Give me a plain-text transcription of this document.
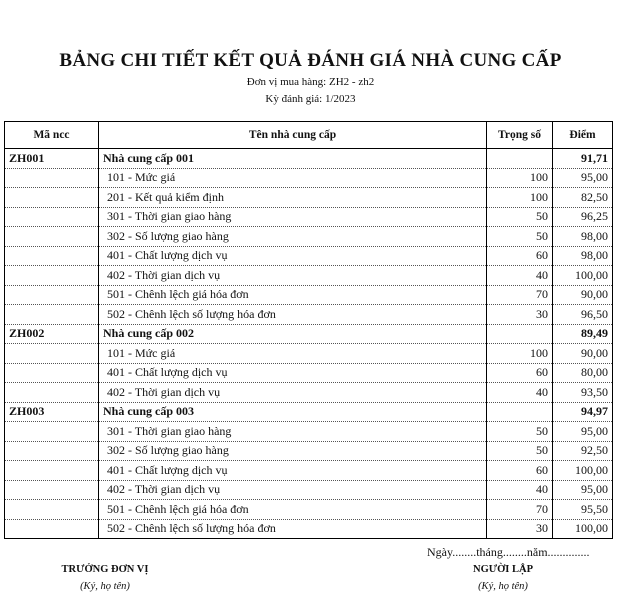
BẢNG CHI TIẾT KẾT QUẢ ĐÁNH GIÁ NHÀ CUNG CẤP
Đơn vị mua hàng: ZH2 - zh2
Kỳ đánh giá: 1/2023
Mã ncc	Tên nhà cung cấp	Trọng số	Điểm
ZH001	Nhà cung cấp 001		91,71
	101 - Mức giá	100	95,00
	201 - Kết quả kiểm định	100	82,50
	301 - Thời gian giao hàng	50	96,25
	302 - Số lượng giao hàng	50	98,00
	401 - Chất lượng dịch vụ	60	98,00
	402 - Thời gian dịch vụ	40	100,00
	501 - Chênh lệch giá hóa đơn	70	90,00
	502 - Chênh lệch số lượng hóa đơn	30	96,50
ZH002	Nhà cung cấp 002		89,49
	101 - Mức giá	100	90,00
	401 - Chất lượng dịch vụ	60	80,00
	402 - Thời gian dịch vụ	40	93,50
ZH003	Nhà cung cấp 003		94,97
	301 - Thời gian giao hàng	50	95,00
	302 - Số lượng giao hàng	50	92,50
	401 - Chất lượng dịch vụ	60	100,00
	402 - Thời gian dịch vụ	40	95,00
	501 - Chênh lệch giá hóa đơn	70	95,50
	502 - Chênh lệch số lượng hóa đơn	30	100,00
Ngày........tháng........năm..............
TRƯỞNG ĐƠN VỊ
(Ký, họ tên)
NGƯỜI LẬP
(Ký, họ tên)
